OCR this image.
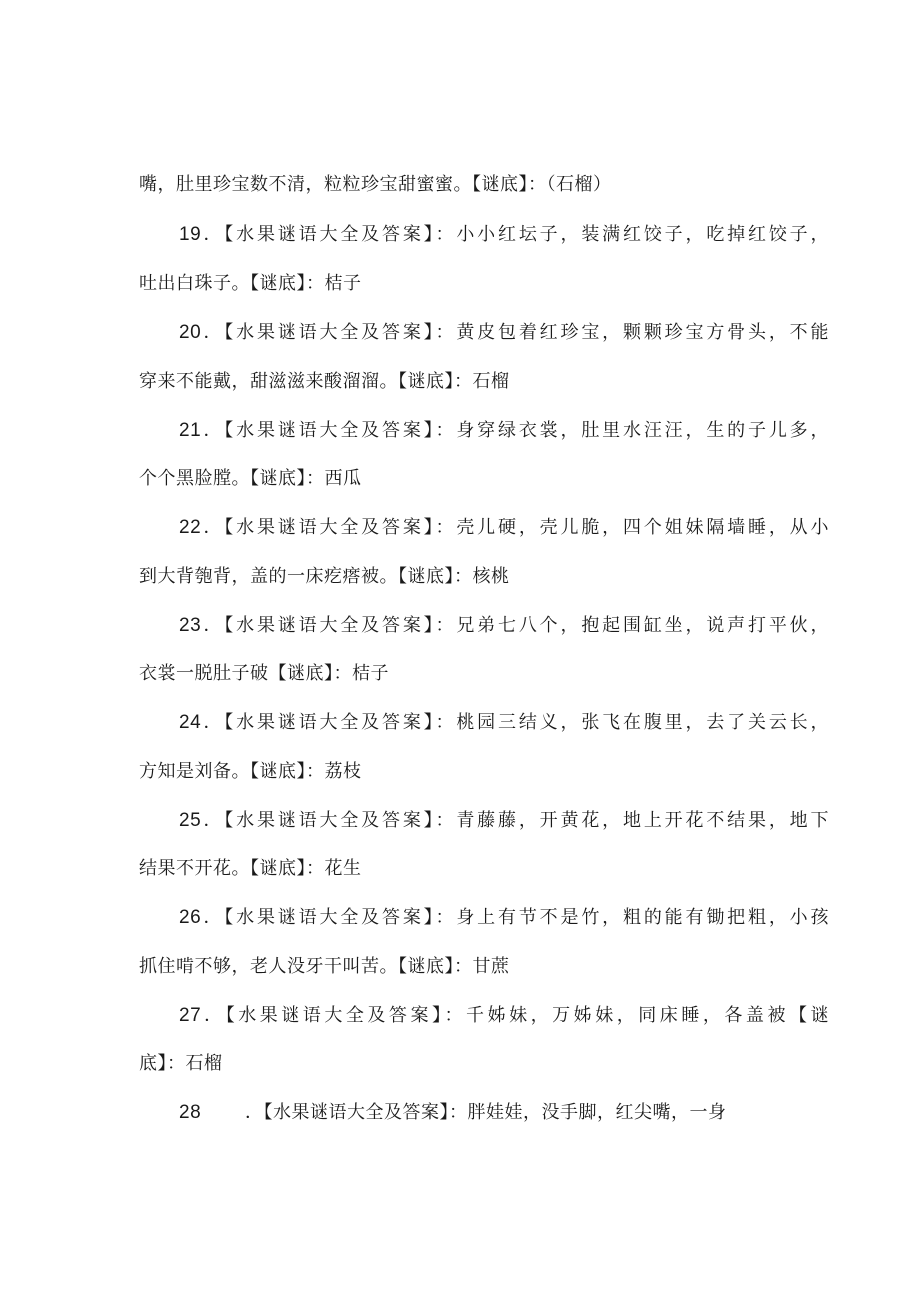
嘴，肚里珍宝数不清，粒粒珍宝甜蜜蜜。【谜底】：（石榴）
19．【水果谜语大全及答案】：小小红坛子，装满红饺子，吃掉红饺子，
吐出白珠子。【谜底】：桔子
20．【水果谜语大全及答案】：黄皮包着红珍宝，颗颗珍宝方骨头，不能
穿来不能戴，甜滋滋来酸溜溜。【谜底】：石榴
21．【水果谜语大全及答案】：身穿绿衣裳，肚里水汪汪，生的子儿多，
个个黑脸膛。【谜底】：西瓜
22．【水果谜语大全及答案】：壳儿硬，壳儿脆，四个姐妹隔墙睡，从小
到大背匏背，盖的一床疙瘩被。【谜底】：核桃
23．【水果谜语大全及答案】：兄弟七八个，抱起围缸坐，说声打平伙，
衣裳一脱肚子破【谜底】：桔子
24．【水果谜语大全及答案】：桃园三结义，张飞在腹里，去了关云长，
方知是刘备。【谜底】：荔枝
25．【水果谜语大全及答案】：青藤藤，开黄花，地上开花不结果，地下
结果不开花。【谜底】：花生
26．【水果谜语大全及答案】：身上有节不是竹，粗的能有锄把粗，小孩
抓住啃不够，老人没牙干叫苦。【谜底】：甘蔗
27．【水果谜语大全及答案】：千姊妹，万姊妹，同床睡，各盖被【谜
底】：石榴
28 ．【水果谜语大全及答案】：胖娃娃，没手脚，红尖嘴，一身
